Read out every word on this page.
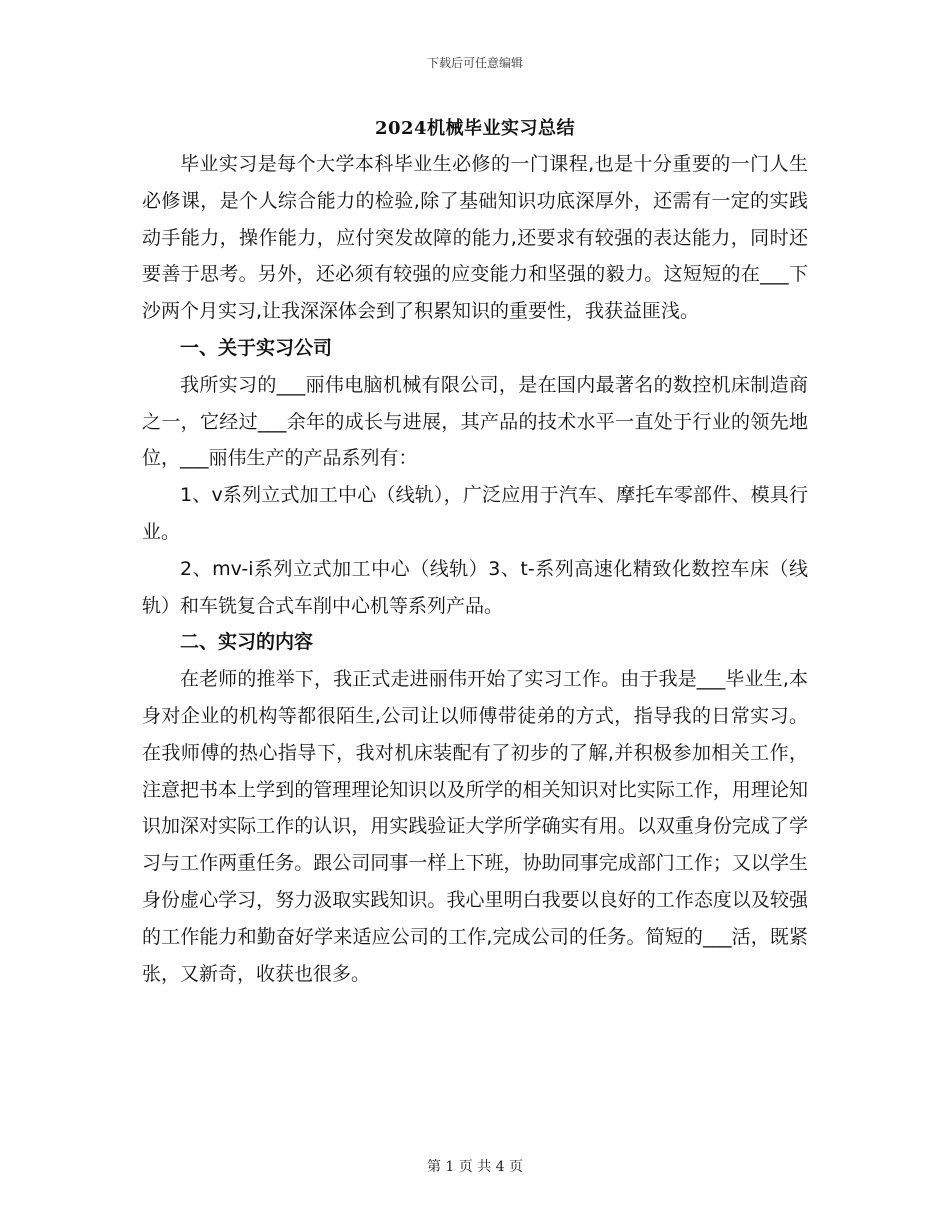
下载后可任意编辑
2024机械毕业实习总结

毕业实习是每个大学本科毕业生必修的一门课程,也是十分重要的一门人生必修课，是个人综合能力的检验,除了基础知识功底深厚外，还需有一定的实践动手能力，操作能力，应付突发故障的能力,还要求有较强的表达能力，同时还要善于思考。另外，还必须有较强的应变能力和坚强的毅力。这短短的在___下沙两个月实习,让我深深体会到了积累知识的重要性，我获益匪浅。

一、关于实习公司

我所实习的___丽伟电脑机械有限公司，是在国内最著名的数控机床制造商之一，它经过___余年的成长与进展，其产品的技术水平一直处于行业的领先地位，___丽伟生产的产品系列有：

1、v系列立式加工中心（线轨），广泛应用于汽车、摩托车零部件、模具行业。

2、mv-i系列立式加工中心（线轨）3、t-系列高速化精致化数控车床（线轨）和车铣复合式车削中心机等系列产品。

二、实习的内容

在老师的推举下，我正式走进丽伟开始了实习工作。由于我是___毕业生,本身对企业的机构等都很陌生,公司让以师傅带徒弟的方式，指导我的日常实习。在我师傅的热心指导下，我对机床装配有了初步的了解,并积极参加相关工作，注意把书本上学到的管理理论知识以及所学的相关知识对比实际工作，用理论知识加深对实际工作的认识，用实践验证大学所学确实有用。以双重身份完成了学习与工作两重任务。跟公司同事一样上下班，协助同事完成部门工作；又以学生身份虚心学习，努力汲取实践知识。我心里明白我要以良好的工作态度以及较强的工作能力和勤奋好学来适应公司的工作,完成公司的任务。简短的___活，既紧张，又新奇，收获也很多。

第 1 页 共 4 页
